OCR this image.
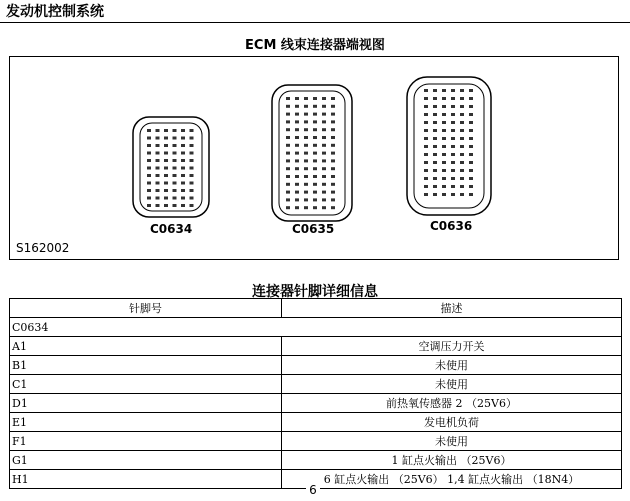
发动机控制系统
ECM 线束连接器端视图
C0634	C0635	C0636
S162002
连接器针脚详细信息
针脚号	描述
C0634	
A1	空调压力开关
B1	未使用
C1	未使用
D1	前热氧传感器 2 （25V6）
E1	发电机负荷
F1	未使用
G1	1 缸点火输出 （25V6）
H1	6 缸点火输出 （25V6） 1,4 缸点火输出 （18N4）
6
